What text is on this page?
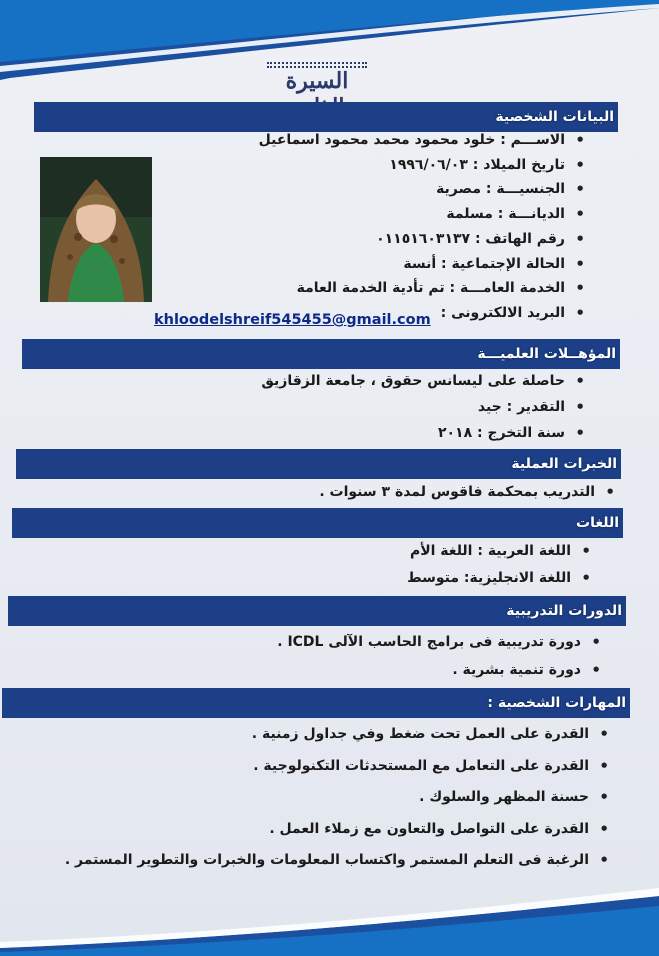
السيرة
البيانات الشخصية
• الاســـم : خلود محمود محمد محمود اسماعيل
• تاريخ الميلاد : ١٩٩٦/٠٦/٠٣
• الجنسيـــة : مصرية
• الديانـــة : مسلمة
• رقم الهاتف : ٠١١٥١٦٠٣١٣٧
• الحالة الإجتماعية : أنسة
• الخدمة العامـــة : تم تأدية الخدمة العامة
• البريد الالكترونى :
khloodelshreif545455@gmail.com
المؤهــلات العلميـــة
• حاصلة على ليسانس حقوق ، جامعة الزقازيق
• التقدير : جيد
• سنة التخرج : ٢٠١٨
الخبرات العملية
• التدريب بمحكمة فاقوس لمدة ٣ سنوات .
اللغات
• اللغة العربية : اللغة الأم
• اللغة الانجليزية: متوسط
الدورات التدريبية
• دورة تدريبية فى برامج الحاسب الآلى ICDL .
• دورة تنمية بشرية .
المهارات الشخصية :
• القدرة على العمل تحت ضغط وفي جداول زمنية .
• القدرة على التعامل مع المستحدثات التكنولوجية .
• حسنة المظهر والسلوك .
• القدرة على التواصل والتعاون مع زملاء العمل .
• الرغبة فى التعلم المستمر واكتساب المعلومات والخبرات والتطوير المستمر .
